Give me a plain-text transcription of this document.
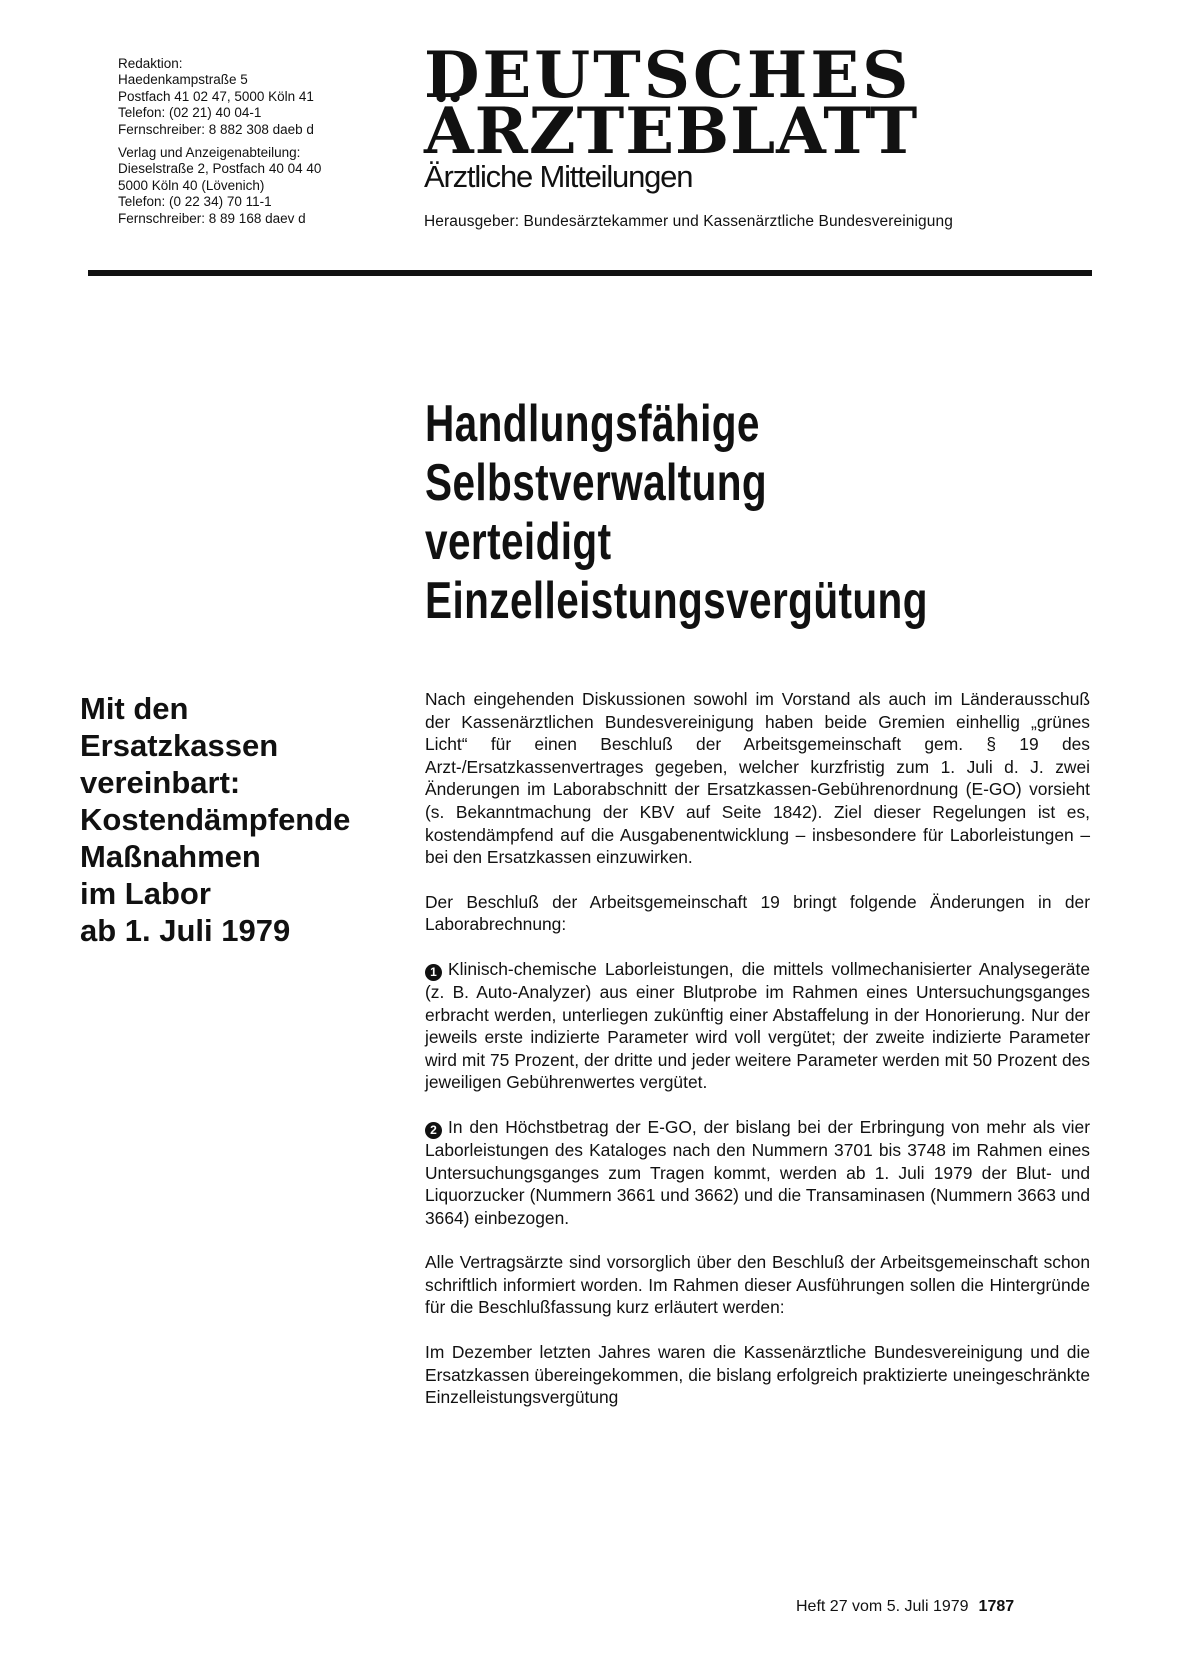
Redaktion:
Haedenkampstraße 5
Postfach 41 02 47, 5000 Köln 41
Telefon: (02 21) 40 04-1
Fernschreiber: 8 882 308 daeb d
Verlag und Anzeigenabteilung:
Dieselstraße 2, Postfach 40 04 40
5000 Köln 40 (Lövenich)
Telefon: (0 22 34) 70 11-1
Fernschreiber: 8 89 168 daev d
DEUTSCHES
ÄRZTEBLATT
Ärztliche Mitteilungen
Herausgeber: Bundesärztekammer und Kassenärztliche Bundesvereinigung
Handlungsfähige
Selbstverwaltung
verteidigt
Einzelleistungsvergütung
Mit den
Ersatzkassen
vereinbart:
Kostendämpfende
Maßnahmen
im Labor
ab 1. Juli 1979

Nach eingehenden Diskussionen sowohl im Vorstand als auch im Länderausschuß der Kassenärztlichen Bundesvereinigung haben beide Gremien einhellig „grünes Licht“ für einen Beschluß der Arbeitsgemeinschaft gem. § 19 des Arzt-/Ersatzkassenvertrages gegeben, welcher kurzfristig zum 1. Juli d. J. zwei Änderungen im Laborabschnitt der Ersatzkassen-Gebührenordnung (E-GO) vorsieht (s. Bekanntmachung der KBV auf Seite 1842). Ziel dieser Regelungen ist es, kostendämpfend auf die Ausgabenentwicklung – insbesondere für Laborleistungen – bei den Ersatzkassen einzuwirken.

Der Beschluß der Arbeitsgemeinschaft 19 bringt folgende Änderungen in der Laborabrechnung:

1 Klinisch-chemische Laborleistungen, die mittels vollmechanisierter Analysegeräte (z. B. Auto-Analyzer) aus einer Blutprobe im Rahmen eines Untersuchungsganges erbracht werden, unterliegen zukünftig einer Abstaffelung in der Honorierung. Nur der jeweils erste indizierte Parameter wird voll vergütet; der zweite indizierte Parameter wird mit 75 Prozent, der dritte und jeder weitere Parameter werden mit 50 Prozent des jeweiligen Gebührenwertes vergütet.

2 In den Höchstbetrag der E-GO, der bislang bei der Erbringung von mehr als vier Laborleistungen des Kataloges nach den Nummern 3701 bis 3748 im Rahmen eines Untersuchungsganges zum Tragen kommt, werden ab 1. Juli 1979 der Blut- und Liquorzucker (Nummern 3661 und 3662) und die Transaminasen (Nummern 3663 und 3664) einbezogen.

Alle Vertragsärzte sind vorsorglich über den Beschluß der Arbeitsgemeinschaft schon schriftlich informiert worden. Im Rahmen dieser Ausführungen sollen die Hintergründe für die Beschlußfassung kurz erläutert werden:

Im Dezember letzten Jahres waren die Kassenärztliche Bundesvereinigung und die Ersatzkassen übereingekommen, die bislang erfolgreich praktizierte uneingeschränkte Einzelleistungsvergütung

Heft 27 vom 5. Juli 1979 1787
